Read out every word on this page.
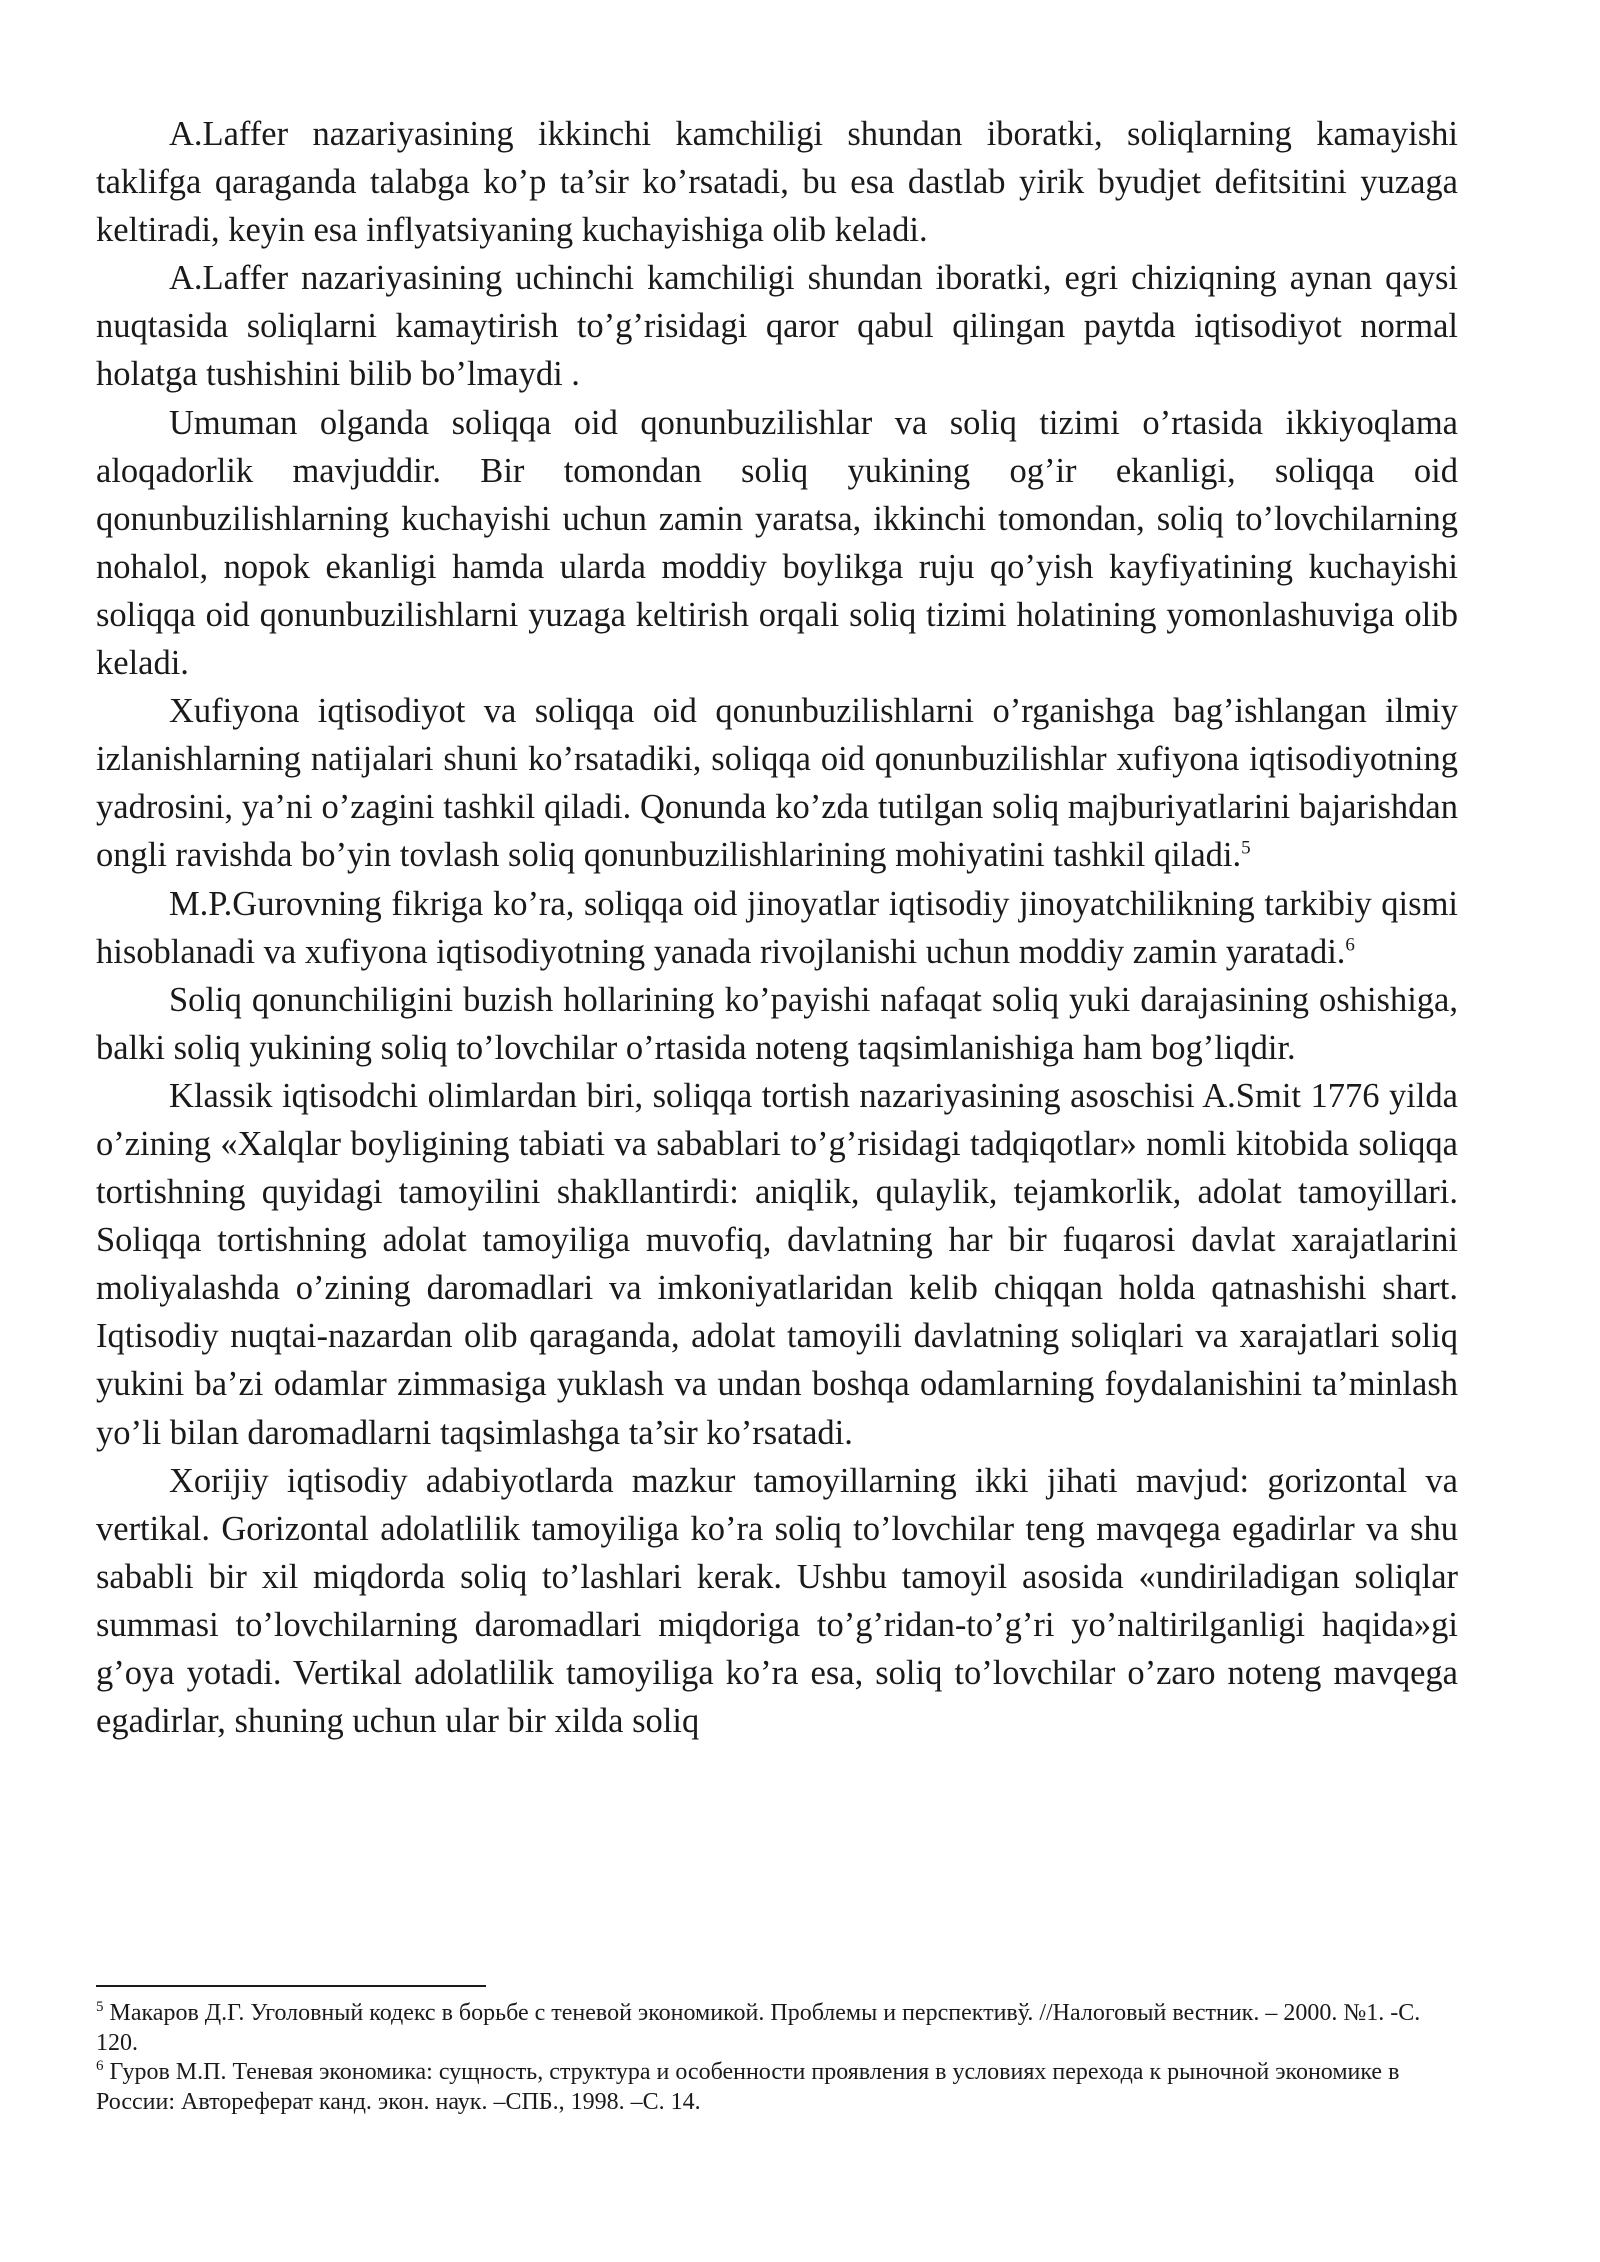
A.Laffer nazariyasining ikkinchi kamchiligi shundan iboratki, soliqlarning kamayishi taklifga qaraganda talabga ko’p ta’sir ko’rsatadi, bu esa dastlab yirik byudjet defitsitini yuzaga keltiradi, keyin esa inflyatsiyaning kuchayishiga olib keladi.

A.Laffer nazariyasining uchinchi kamchiligi shundan iboratki, egri chiziqning aynan qaysi nuqtasida soliqlarni kamaytirish to’g’risidagi qaror qabul qilingan paytda iqtisodiyot normal holatga tushishini bilib bo’lmaydi .

Umuman olganda soliqqa oid qonunbuzilishlar va soliq tizimi o’rtasida ikkiyoqlama aloqadorlik mavjuddir. Bir tomondan soliq yukining og’ir ekanligi, soliqqa oid qonunbuzilishlarning kuchayishi uchun zamin yaratsa, ikkinchi tomondan, soliq to’lovchilarning nohalol, nopok ekanligi hamda ularda moddiy boylikga ruju qo’yish kayfiyatining kuchayishi soliqqa oid qonunbuzilishlarni yuzaga keltirish orqali soliq tizimi holatining yomonlashuviga olib keladi.

Xufiyona iqtisodiyot va soliqqa oid qonunbuzilishlarni o’rganishga bag’ishlangan ilmiy izlanishlarning natijalari shuni ko’rsatadiki, soliqqa oid qonunbuzilishlar xufiyona iqtisodiyotning yadrosini, ya’ni o’zagini tashkil qiladi. Qonunda ko’zda tutilgan soliq majburiyatlarini bajarishdan ongli ravishda bo’yin tovlash soliq qonunbuzilishlarining mohiyatini tashkil qiladi.$^5$

M.P.Gurovning fikriga ko’ra, soliqqa oid jinoyatlar iqtisodiy jinoyatchilikning tarkibiy qismi hisoblanadi va xufiyona iqtisodiyotning yanada rivojlanishi uchun moddiy zamin yaratadi.$^6$

Soliq qonunchiligini buzish hollarining ko’payishi nafaqat soliq yuki darajasining oshishiga, balki soliq yukining soliq to’lovchilar o’rtasida noteng taqsimlanishiga ham bog’liqdir.

Klassik iqtisodchi olimlardan biri, soliqqa tortish nazariyasining asoschisi A.Smit 1776 yilda o’zining «Xalqlar boyligining tabiati va sabablari to’g’risidagi tadqiqotlar» nomli kitobida soliqqa tortishning quyidagi tamoyilini shakllantirdi: aniqlik, qulaylik, tejamkorlik, adolat tamoyillari. Soliqqa tortishning adolat tamoyiliga muvofiq, davlatning har bir fuqarosi davlat xarajatlarini moliyalashda o’zining daromadlari va imkoniyatlaridan kelib chiqqan holda qatnashishi shart. Iqtisodiy nuqtai-nazardan olib qaraganda, adolat tamoyili davlatning soliqlari va xarajatlari soliq yukini ba’zi odamlar zimmasiga yuklash va undan boshqa odamlarning foydalanishini ta’minlash yo’li bilan daromadlarni taqsimlashga ta’sir ko’rsatadi.

Xorijiy iqtisodiy adabiyotlarda mazkur tamoyillarning ikki jihati mavjud: gorizontal va vertikal. Gorizontal adolatlilik tamoyiliga ko’ra soliq to’lovchilar teng mavqega egadirlar va shu sababli bir xil miqdorda soliq to’lashlari kerak. Ushbu tamoyil asosida «undiriladigan soliqlar summasi to’lovchilarning daromadlari miqdoriga to’g’ridan-to’g’ri yo’naltirilganligi haqida»gi g’oya yotadi. Vertikal adolatlilik tamoyiliga ko’ra esa, soliq to’lovchilar o’zaro noteng mavqega egadirlar, shuning uchun ular bir xilda soliq

$^5$ Макаров Д.Г. Уголовный кодекс в борьбе с теневой экономикой. Проблемы и перспективў. //Налоговый вестник. – 2000. №1. -С. 120.

$^6$ Гуров М.П. Теневая экономика: сущность, структура и особенности проявления в условиях перехода к рыночной экономике в России: Автореферат канд. экон. наук. –СПБ., 1998. –С. 14.
